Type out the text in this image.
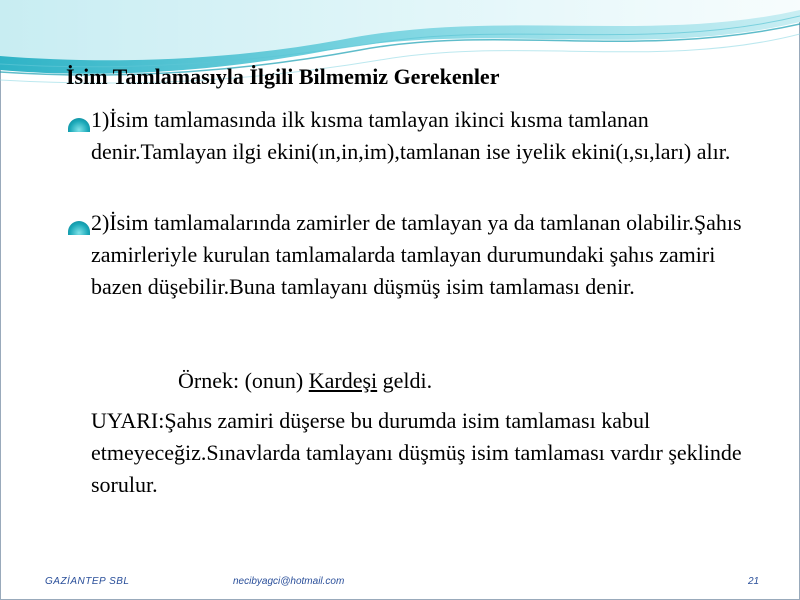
İsim Tamlamasıyla İlgili Bilmemiz Gerekenler

1)İsim tamlamasında ilk kısma tamlayan ikinci kısma tamlanan denir.Tamlayan ilgi ekini(ın,in,im),tamlanan ise iyelik ekini(ı,sı,ları) alır.

2)İsim tamlamalarında zamirler de tamlayan ya da tamlanan olabilir.Şahıs zamirleriyle kurulan tamlamalarda tamlayan durumundaki şahıs zamiri bazen düşebilir.Buna tamlayanı düşmüş isim tamlaması denir.

Örnek: (onun) Kardeşi geldi.

UYARI:Şahıs zamiri düşerse bu durumda isim tamlaması kabul etmeyeceğiz.Sınavlarda tamlayanı düşmüş isim tamlaması vardır şeklinde sorulur.

GAZİANTEP SBL	necibyagci@hotmail.com	21
